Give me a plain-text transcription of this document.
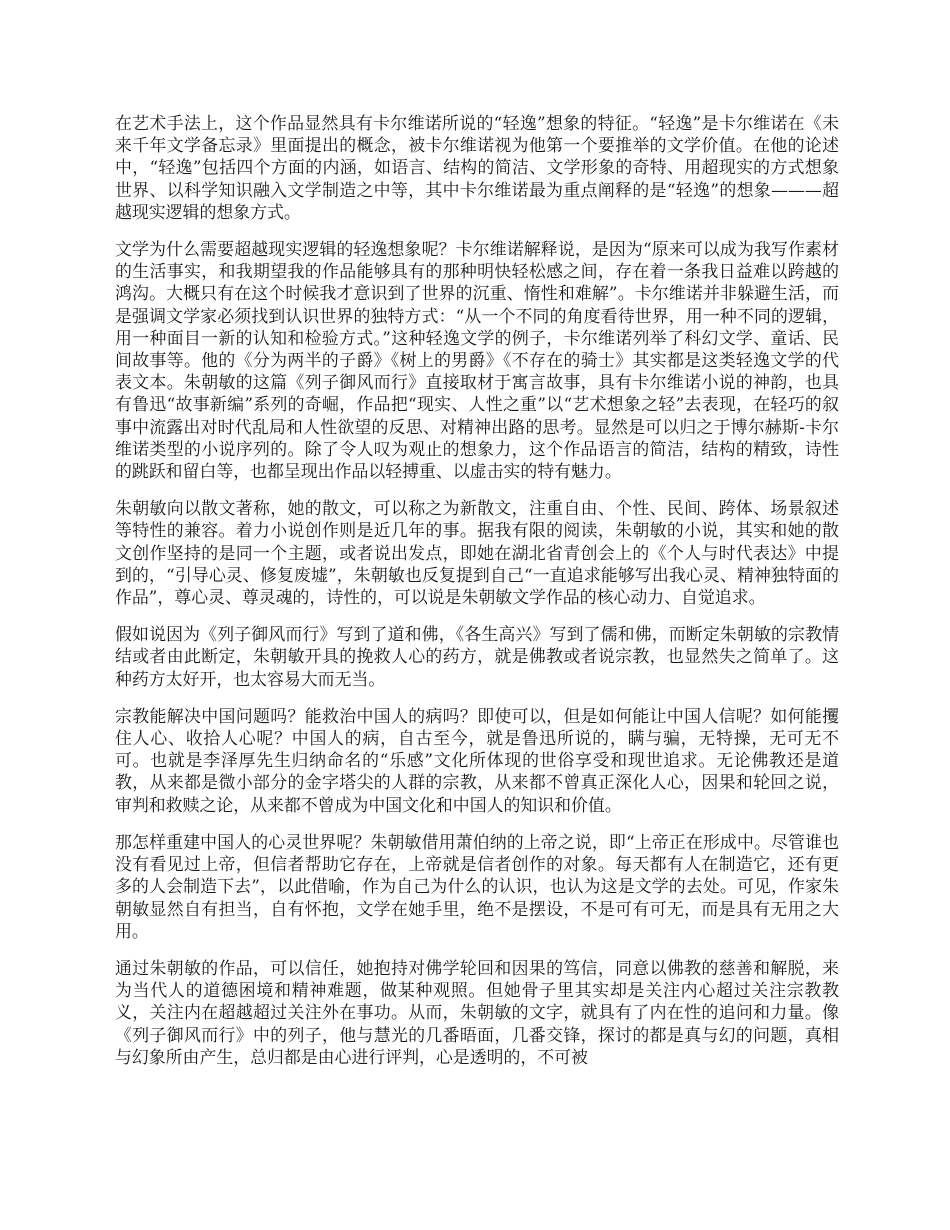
在艺术手法上，这个作品显然具有卡尔维诺所说的“轻逸”想象的特征。“轻逸”是卡尔维诺在《未来千年文学备忘录》里面提出的概念，被卡尔维诺视为他第一个要推举的文学价值。在他的论述中，“轻逸”包括四个方面的内涵，如语言、结构的简洁、文学形象的奇特、用超现实的方式想象世界、以科学知识融入文学制造之中等，其中卡尔维诺最为重点阐释的是“轻逸”的想象———超越现实逻辑的想象方式。

文学为什么需要超越现实逻辑的轻逸想象呢？卡尔维诺解释说，是因为“原来可以成为我写作素材的生活事实，和我期望我的作品能够具有的那种明快轻松感之间，存在着一条我日益难以跨越的鸿沟。大概只有在这个时候我才意识到了世界的沉重、惰性和难解”。卡尔维诺并非躲避生活，而是强调文学家必须找到认识世界的独特方式：“从一个不同的角度看待世界，用一种不同的逻辑，用一种面目一新的认知和检验方式。”这种轻逸文学的例子，卡尔维诺列举了科幻文学、童话、民间故事等。他的《分为两半的子爵》《树上的男爵》《不存在的骑士》其实都是这类轻逸文学的代表文本。朱朝敏的这篇《列子御风而行》直接取材于寓言故事，具有卡尔维诺小说的神韵，也具有鲁迅“故事新编”系列的奇崛，作品把“现实、人性之重”以“艺术想象之轻”去表现，在轻巧的叙事中流露出对时代乱局和人性欲望的反思、对精神出路的思考。显然是可以归之于博尔赫斯-卡尔维诺类型的小说序列的。除了令人叹为观止的想象力，这个作品语言的简洁，结构的精致，诗性的跳跃和留白等，也都呈现出作品以轻搏重、以虚击实的特有魅力。

朱朝敏向以散文著称，她的散文，可以称之为新散文，注重自由、个性、民间、跨体、场景叙述等特性的兼容。着力小说创作则是近几年的事。据我有限的阅读，朱朝敏的小说，其实和她的散文创作坚持的是同一个主题，或者说出发点，即她在湖北省青创会上的《个人与时代表达》中提到的，“引导心灵、修复废墟”，朱朝敏也反复提到自己“一直追求能够写出我心灵、精神独特面的作品”，尊心灵、尊灵魂的，诗性的，可以说是朱朝敏文学作品的核心动力、自觉追求。

假如说因为《列子御风而行》写到了道和佛，《各生高兴》写到了儒和佛，而断定朱朝敏的宗教情结或者由此断定，朱朝敏开具的挽救人心的药方，就是佛教或者说宗教，也显然失之简单了。这种药方太好开，也太容易大而无当。

宗教能解决中国问题吗？能救治中国人的病吗？即使可以，但是如何能让中国人信呢？如何能攫住人心、收拾人心呢？中国人的病，自古至今，就是鲁迅所说的，瞒与骗，无特操，无可无不可。也就是李泽厚先生归纳命名的“乐感”文化所体现的世俗享受和现世追求。无论佛教还是道教，从来都是微小部分的金字塔尖的人群的宗教，从来都不曾真正深化人心，因果和轮回之说，审判和救赎之论，从来都不曾成为中国文化和中国人的知识和价值。

那怎样重建中国人的心灵世界呢？朱朝敏借用萧伯纳的上帝之说，即“上帝正在形成中。尽管谁也没有看见过上帝，但信者帮助它存在，上帝就是信者创作的对象。每天都有人在制造它，还有更多的人会制造下去”，以此借喻，作为自己为什么的认识，也认为这是文学的去处。可见，作家朱朝敏显然自有担当，自有怀抱，文学在她手里，绝不是摆设，不是可有可无，而是具有无用之大用。

通过朱朝敏的作品，可以信任，她抱持对佛学轮回和因果的笃信，同意以佛教的慈善和解脱，来为当代人的道德困境和精神难题，做某种观照。但她骨子里其实却是关注内心超过关注宗教教义，关注内在超越超过关注外在事功。从而，朱朝敏的文字，就具有了内在性的追问和力量。像《列子御风而行》中的列子，他与慧光的几番晤面，几番交锋，探讨的都是真与幻的问题，真相与幻象所由产生，总归都是由心进行评判，心是透明的，不可被
